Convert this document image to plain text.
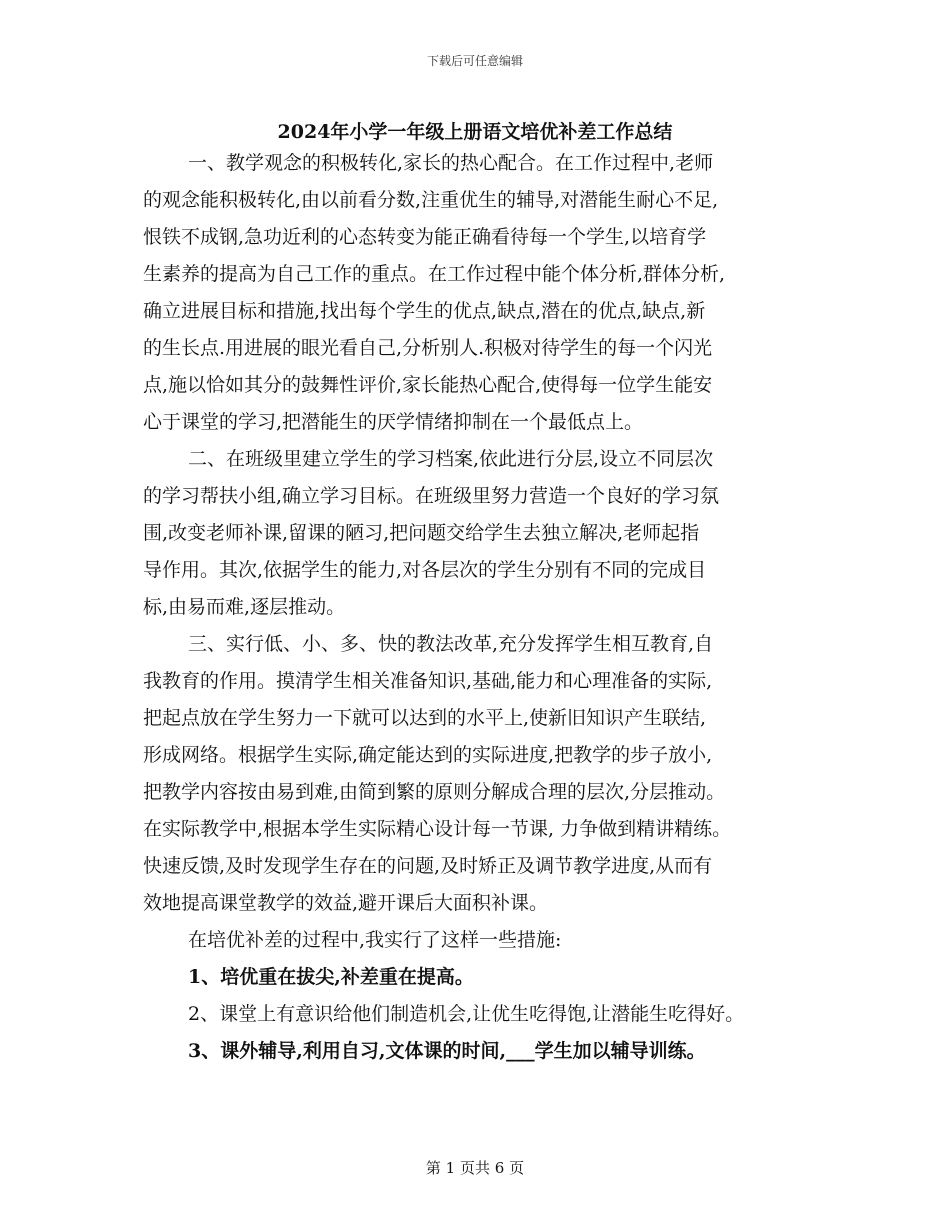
下载后可任意编辑
2024年小学一年级上册语文培优补差工作总结
一、教学观念的积极转化,家长的热心配合。在工作过程中,老师
的观念能积极转化,由以前看分数,注重优生的辅导,对潜能生耐心不足,
恨铁不成钢,急功近利的心态转变为能正确看待每一个学生,以培育学
生素养的提高为自己工作的重点。在工作过程中能个体分析,群体分析,
确立进展目标和措施,找出每个学生的优点,缺点,潜在的优点,缺点,新
的生长点.用进展的眼光看自己,分析别人.积极对待学生的每一个闪光
点,施以恰如其分的鼓舞性评价,家长能热心配合,使得每一位学生能安
心于课堂的学习,把潜能生的厌学情绪抑制在一个最低点上。
二、在班级里建立学生的学习档案,依此进行分层,设立不同层次
的学习帮扶小组,确立学习目标。在班级里努力营造一个良好的学习氛
围,改变老师补课,留课的陋习,把问题交给学生去独立解决,老师起指
导作用。其次,依据学生的能力,对各层次的学生分别有不同的完成目
标,由易而难,逐层推动。
三、实行低、小、多、快的教法改革,充分发挥学生相互教育,自
我教育的作用。摸清学生相关准备知识,基础,能力和心理准备的实际,
把起点放在学生努力一下就可以达到的水平上,使新旧知识产生联结,
形成网络。根据学生实际,确定能达到的实际进度,把教学的步子放小,
把教学内容按由易到难,由简到繁的原则分解成合理的层次,分层推动。
在实际教学中,根据本学生实际精心设计每一节课, 力争做到精讲精练。
快速反馈,及时发现学生存在的问题,及时矫正及调节教学进度,从而有
效地提高课堂教学的效益,避开课后大面积补课。
在培优补差的过程中,我实行了这样一些措施:
1、培优重在拔尖,补差重在提高。
2、课堂上有意识给他们制造机会,让优生吃得饱,让潜能生吃得好。
3、课外辅导,利用自习,文体课的时间,___学生加以辅导训练。
第 1 页共 6 页
